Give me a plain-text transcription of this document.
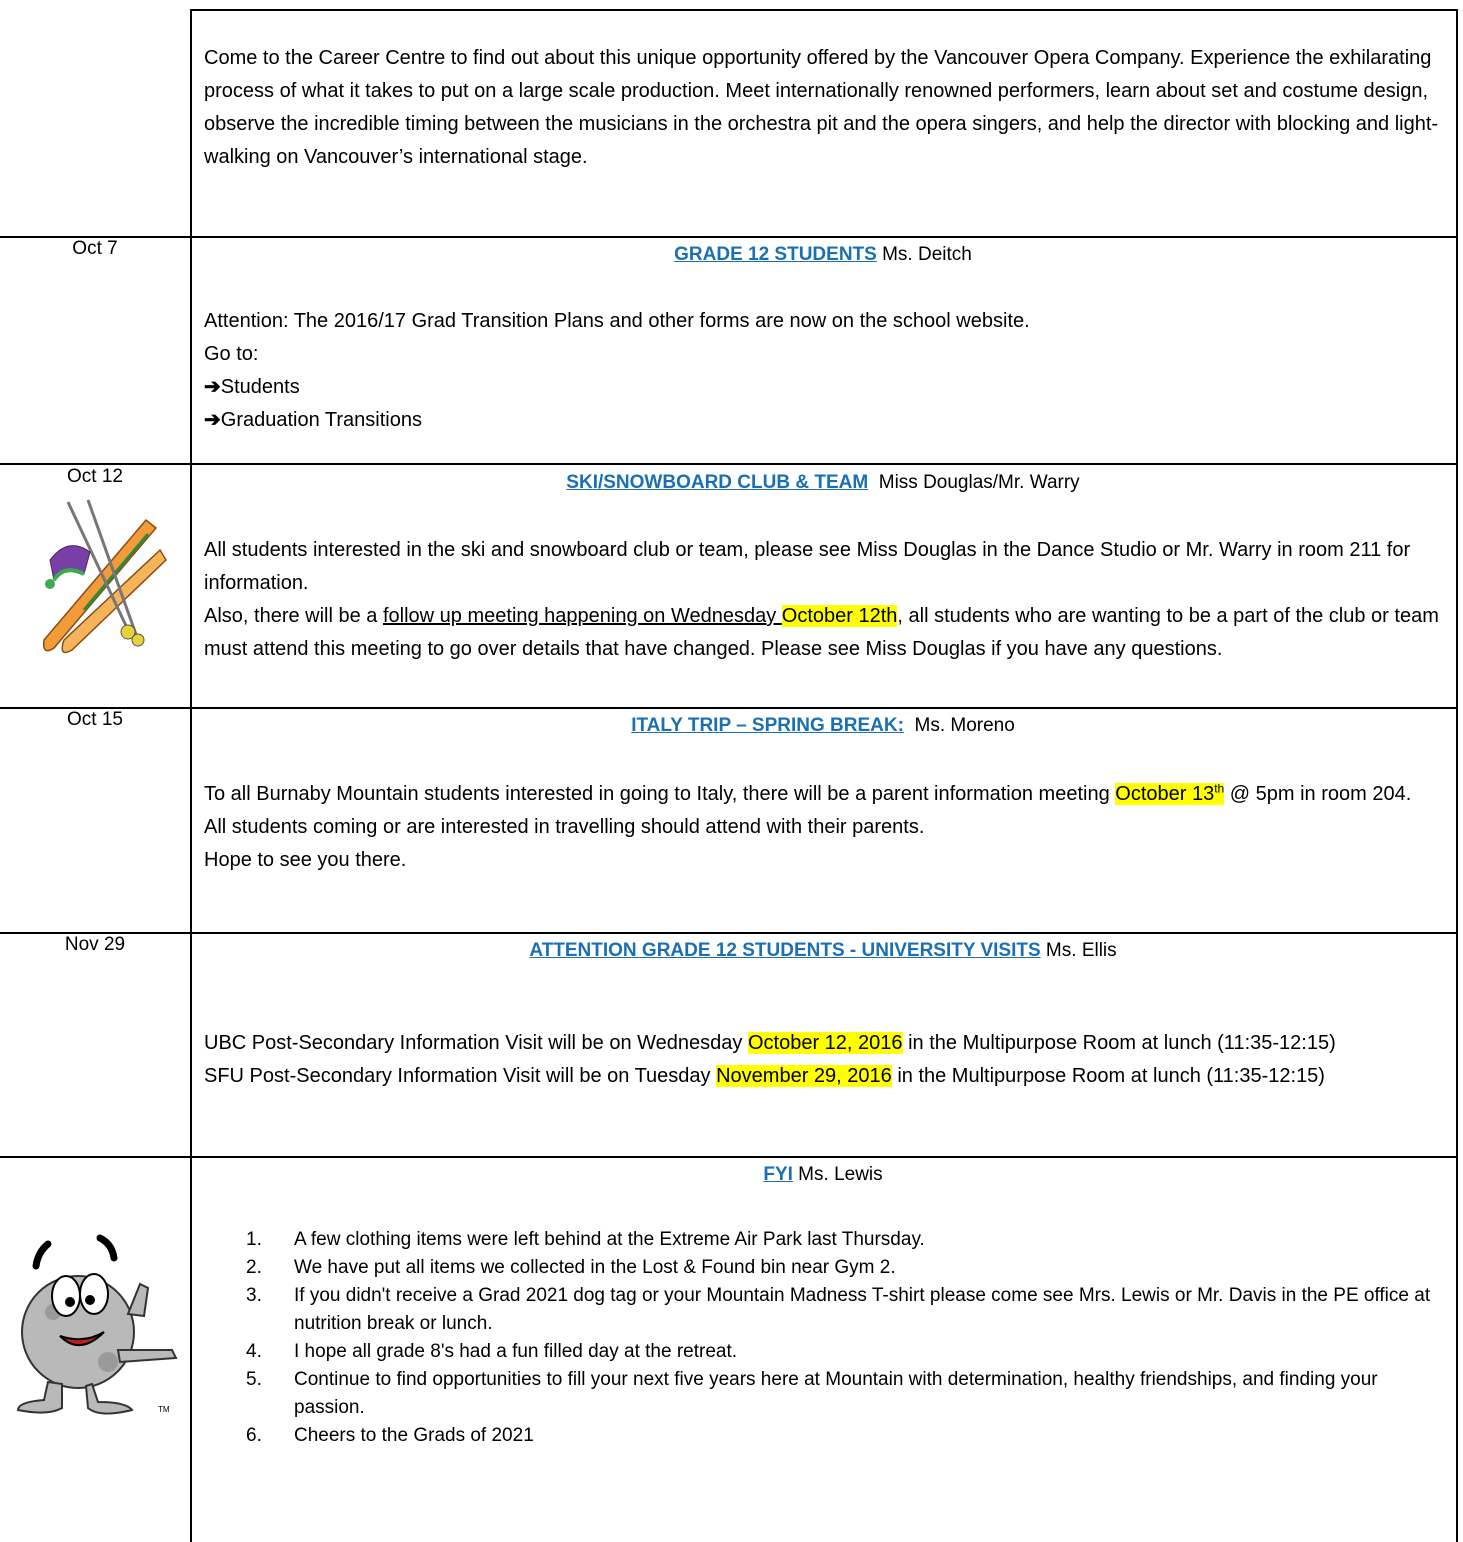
Come to the Career Centre to find out about this unique opportunity offered by the Vancouver Opera Company. Experience the exhilarating process of what it takes to put on a large scale production. Meet internationally renowned performers, learn about set and costume design, observe the incredible timing between the musicians in the orchestra pit and the opera singers, and help the director with blocking and light-walking on Vancouver’s international stage.
Oct 7	GRADE 12 STUDENTS Ms. Deitch
Attention: The 2016/17 Grad Transition Plans and other forms are now on the school website.
Go to:
➔Students
➔Graduation Transitions
Oct 12	SKI/SNOWBOARD CLUB & TEAM  Miss Douglas/Mr. Warry
All students interested in the ski and snowboard club or team, please see Miss Douglas in the Dance Studio or Mr. Warry in room 211 for information.
Also, there will be a follow up meeting happening on Wednesday October 12th, all students who are wanting to be a part of the club or team must attend this meeting to go over details that have changed. Please see Miss Douglas if you have any questions.
Oct 15	ITALY TRIP – SPRING BREAK:  Ms. Moreno
To all Burnaby Mountain students interested in going to Italy, there will be a parent information meeting October 13th @ 5pm in room 204.
All students coming or are interested in travelling should attend with their parents.
Hope to see you there.
Nov 29	ATTENTION GRADE 12 STUDENTS - UNIVERSITY VISITS Ms. Ellis
UBC Post-Secondary Information Visit will be on Wednesday October 12, 2016 in the Multipurpose Room at lunch (11:35-12:15)
SFU Post-Secondary Information Visit will be on Tuesday November 29, 2016 in the Multipurpose Room at lunch (11:35-12:15)
TM
FYI Ms. Lewis
1. A few clothing items were left behind at the Extreme Air Park last Thursday.
2. We have put all items we collected in the Lost & Found bin near Gym 2.
3. If you didn't receive a Grad 2021 dog tag or your Mountain Madness T-shirt please come see Mrs. Lewis or Mr. Davis in the PE office at nutrition break or lunch.
4. I hope all grade 8's had a fun filled day at the retreat.
5. Continue to find opportunities to fill your next five years here at Mountain with determination, healthy friendships, and finding your passion.
6. Cheers to the Grads of 2021
